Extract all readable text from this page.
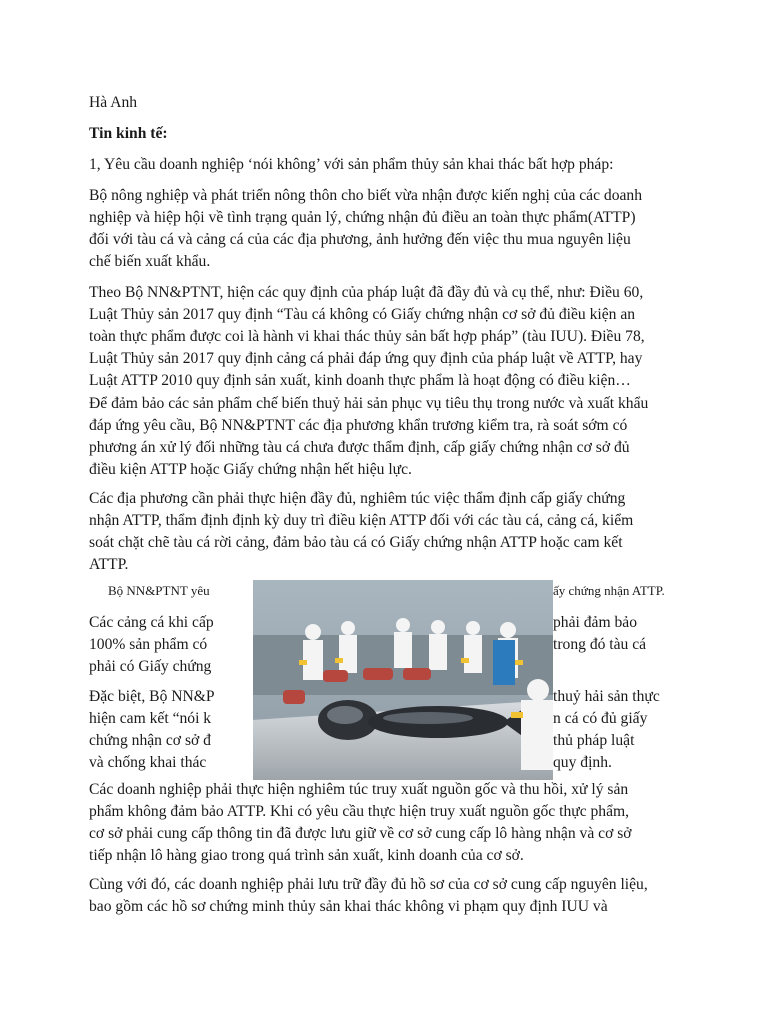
Hà Anh
Tin kinh tế:
1, Yêu cầu doanh nghiệp ‘nói không’ với sản phẩm thủy sản khai thác bất hợp pháp:
Bộ nông nghiệp và phát triển nông thôn cho biết vừa nhận được kiến nghị của các doanh
nghiệp và hiệp hội về tình trạng quản lý, chứng nhận đủ điều an toàn thực phẩm(ATTP)
đối với tàu cá và cảng cá của các địa phương, ảnh hưởng đến việc thu mua nguyên liệu
chế biến xuất khẩu.
Theo Bộ NN&PTNT, hiện các quy định của pháp luật đã đầy đủ và cụ thể, như: Điều 60,
Luật Thủy sản 2017 quy định “Tàu cá không có Giấy chứng nhận cơ sở đủ điều kiện an
toàn thực phẩm được coi là hành vi khai thác thủy sản bất hợp pháp” (tàu IUU). Điều 78,
Luật Thủy sản 2017 quy định cảng cá phải đáp ứng quy định của pháp luật về ATTP, hay
Luật ATTP 2010 quy định sản xuất, kinh doanh thực phẩm là hoạt động có điều kiện…
Để đảm bảo các sản phẩm chế biến thuỷ hải sản phục vụ tiêu thụ trong nước và xuất khẩu
đáp ứng yêu cầu, Bộ NN&PTNT các địa phương khẩn trương kiểm tra, rà soát sớm có
phương án xử lý đối những tàu cá chưa được thẩm định, cấp giấy chứng nhận cơ sở đủ
điều kiện ATTP hoặc Giấy chứng nhận hết hiệu lực.
Các địa phương cần phải thực hiện đầy đủ, nghiêm túc việc thẩm định cấp giấy chứng
nhận ATTP, thẩm định định kỳ duy trì điều kiện ATTP đối với các tàu cá, cảng cá, kiểm
soát chặt chẽ tàu cá rời cảng, đảm bảo tàu cá có Giấy chứng nhận ATTP hoặc cam kết
ATTP.
Bộ NN&PTNT yêu	ấy chứng nhận ATTP.
Các cảng cá khi cấp
100% sản phẩm có
phải có Giấy chứng
phải đảm bảo
trong đó tàu cá
Đặc biệt, Bộ NN&P
hiện cam kết “nói k
chứng nhận cơ sở đ
và chống khai thác
thuỷ hải sản thực
n cá có đủ giấy
thủ pháp luật
quy định.
Các doanh nghiệp phải thực hiện nghiêm túc truy xuất nguồn gốc và thu hồi, xử lý sản
phẩm không đảm bảo ATTP. Khi có yêu cầu thực hiện truy xuất nguồn gốc thực phẩm,
cơ sở phải cung cấp thông tin đã được lưu giữ về cơ sở cung cấp lô hàng nhận và cơ sở
tiếp nhận lô hàng giao trong quá trình sản xuất, kinh doanh của cơ sở.
Cùng với đó, các doanh nghiệp phải lưu trữ đầy đủ hồ sơ của cơ sở cung cấp nguyên liệu,
bao gồm các hồ sơ chứng minh thủy sản khai thác không vi phạm quy định IUU và
